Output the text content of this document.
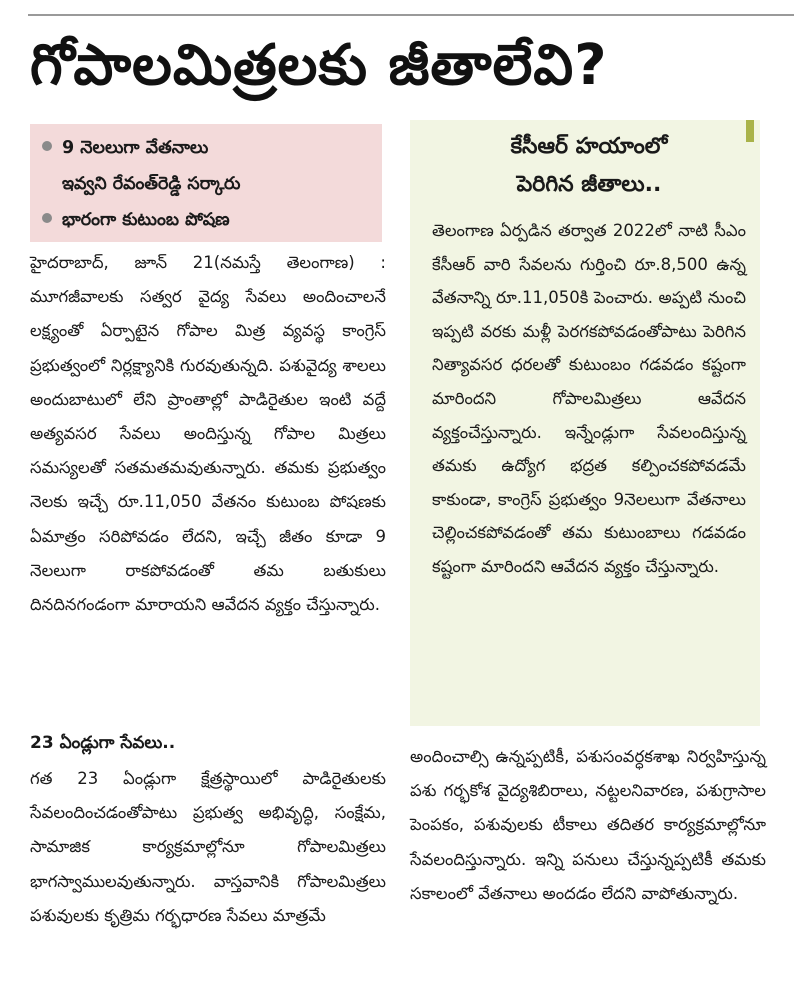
గోపాలమిత్రలకు జీతాలేవి?
9 నెలలుగా వేతనాలు
ఇవ్వని రేవంత్‌రెడ్డి సర్కారు
భారంగా కుటుంబ పోషణ

హైదరాబాద్, జూన్ 21(నమస్తే తెలంగాణ) : మూగజీవాలకు సత్వర వైద్య సేవలు అందించాలనే లక్ష్యంతో ఏర్పాటైన గోపాల మిత్ర వ్యవస్థ కాంగ్రెస్ ప్రభుత్వంలో నిర్లక్ష్యానికి గురవుతున్నది. పశువైద్య శాలలు అందుబాటులో లేని ప్రాంతాల్లో పాడిరైతుల ఇంటి వద్దే అత్యవసర సేవలు అందిస్తున్న గోపాల మిత్రలు సమస్యలతో సతమతమవుతున్నారు. తమకు ప్రభుత్వం నెలకు ఇచ్చే రూ.11,050 వేతనం కుటుంబ పోషణకు ఏమాత్రం సరిపోవడం లేదని, ఇచ్చే జీతం కూడా 9 నెలలుగా రాకపోవడంతో తమ బతుకులు దినదినగండంగా మారాయని ఆవేదన వ్యక్తం చేస్తున్నారు.

23 ఏండ్లుగా సేవలు..

గత 23 ఏండ్లుగా క్షేత్రస్థాయిలో పాడిరైతులకు సేవలందించడంతోపాటు ప్రభుత్వ అభివృద్ధి, సంక్షేమ, సామాజిక కార్యక్రమాల్లోనూ గోపాలమిత్రలు భాగస్వాములవుతున్నారు. వాస్తవానికి గోపాలమిత్రలు పశువులకు కృత్రిమ గర్భధారణ సేవలు మాత్రమే

కేసీఆర్ హయాంలో
పెరిగిన జీతాలు..

తెలంగాణ ఏర్పడిన తర్వాత 2022లో నాటి సీఎం కేసీఆర్ వారి సేవలను గుర్తించి రూ.8,500 ఉన్న వేతనాన్ని రూ.11,050కి పెంచారు. అప్పటి నుంచి ఇప్పటి వరకు మళ్లీ పెరగకపోవడంతోపాటు పెరిగిన నిత్యావసర ధరలతో కుటుంబం గడవడం కష్టంగా మారిందని గోపాలమిత్రలు ఆవేదన వ్యక్తంచేస్తున్నారు. ఇన్నేండ్లుగా సేవలందిస్తున్న తమకు ఉద్యోగ భద్రత కల్పించకపోవడమే కాకుండా, కాంగ్రెస్ ప్రభుత్వం 9నెలలుగా వేతనాలు చెల్లించకపోవడంతో తమ కుటుంబాలు గడవడం కష్టంగా మారిందని ఆవేదన వ్యక్తం చేస్తున్నారు.

అందించాల్సి ఉన్నప్పటికీ, పశుసంవర్ధకశాఖ నిర్వహిస్తున్న పశు గర్భకోశ వైద్యశిబిరాలు, నట్టలనివారణ, పశుగ్రాసాల పెంపకం, పశువులకు టీకాలు తదితర కార్యక్రమాల్లోనూ సేవలందిస్తున్నారు. ఇన్ని పనులు చేస్తున్నప్పటికీ తమకు సకాలంలో వేతనాలు అందడం లేదని వాపోతున్నారు.
